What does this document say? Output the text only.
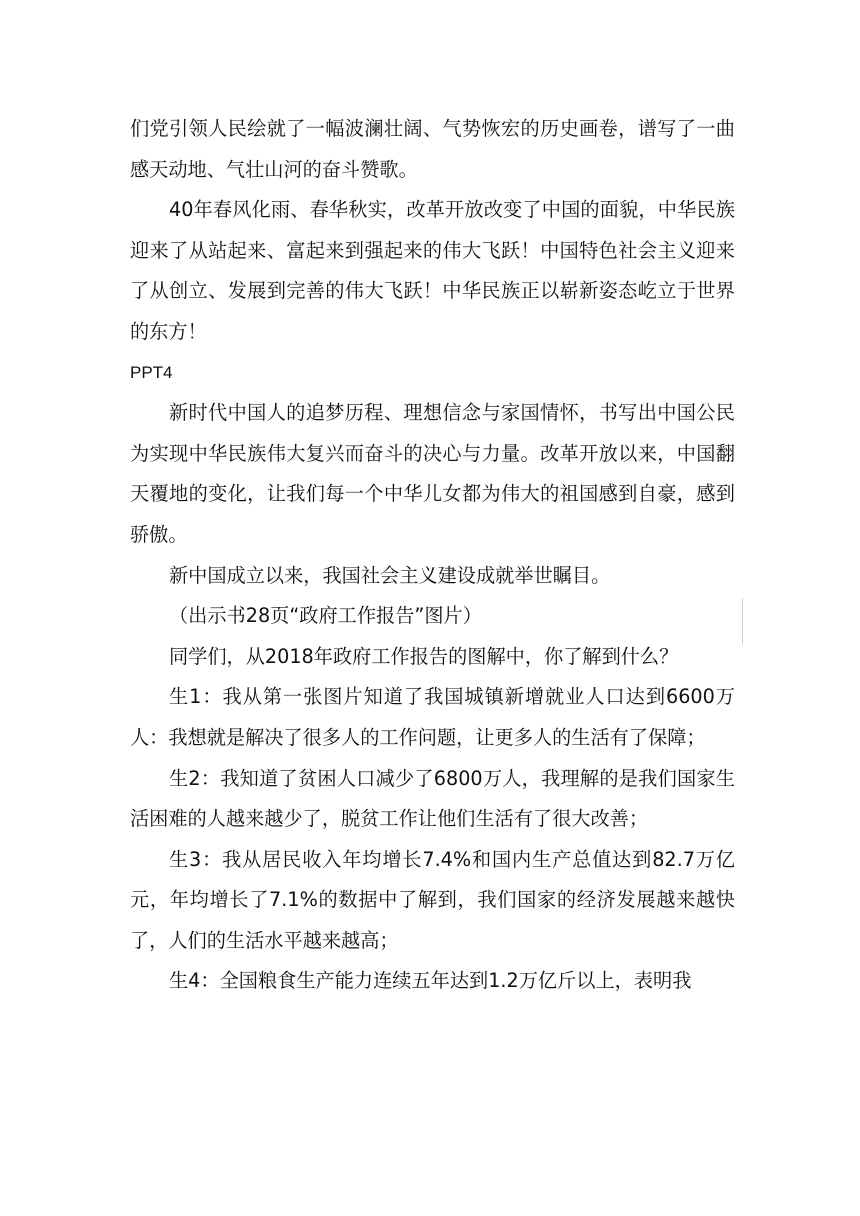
们党引领人民绘就了一幅波澜壮阔、气势恢宏的历史画卷，谱写了一曲感天动地、气壮山河的奋斗赞歌。

40年春风化雨、春华秋实，改革开放改变了中国的面貌，中华民族迎来了从站起来、富起来到强起来的伟大飞跃！中国特色社会主义迎来了从创立、发展到完善的伟大飞跃！中华民族正以崭新姿态屹立于世界的东方！

PPT4

新时代中国人的追梦历程、理想信念与家国情怀，书写出中国公民为实现中华民族伟大复兴而奋斗的决心与力量。改革开放以来，中国翻天覆地的变化，让我们每一个中华儿女都为伟大的祖国感到自豪，感到骄傲。

新中国成立以来，我国社会主义建设成就举世瞩目。

（出示书28页“政府工作报告”图片）

同学们，从2018年政府工作报告的图解中，你了解到什么？

生1：我从第一张图片知道了我国城镇新增就业人口达到6600万人：我想就是解决了很多人的工作问题，让更多人的生活有了保障；

生2：我知道了贫困人口减少了6800万人，我理解的是我们国家生活困难的人越来越少了，脱贫工作让他们生活有了很大改善；

生3：我从居民收入年均增长7.4%和国内生产总值达到82.7万亿元，年均增长了7.1%的数据中了解到，我们国家的经济发展越来越快了，人们的生活水平越来越高；

生4：全国粮食生产能力连续五年达到1.2万亿斤以上，表明我
